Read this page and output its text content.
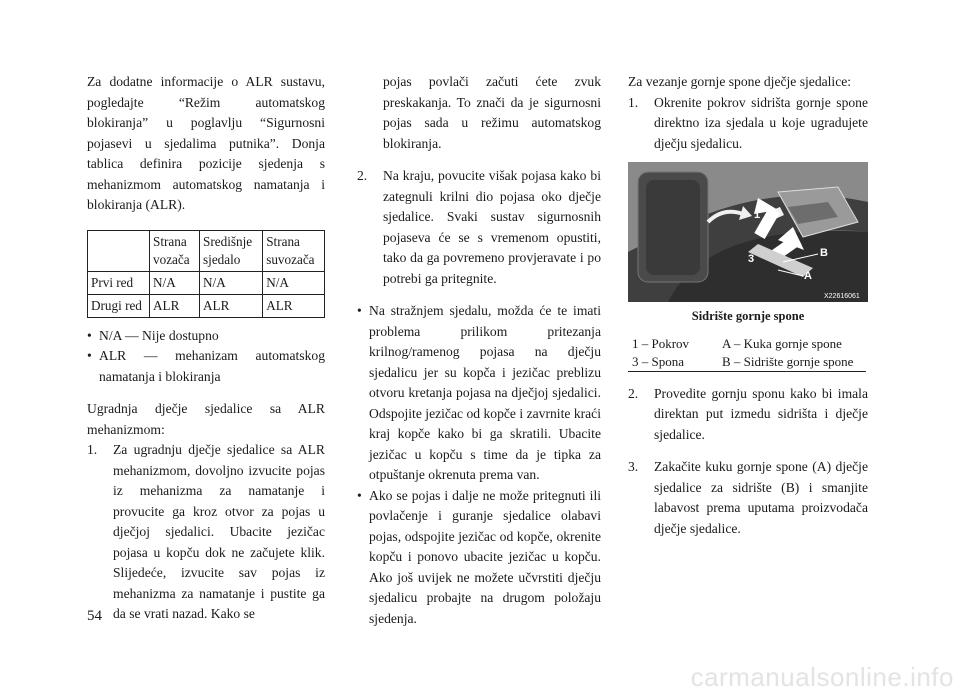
Za dodatne informacije o ALR sustavu, pogledajte “Režim automatskog blokiranja” u poglavlju “Sigurnosni pojasevi u sjedalima putnika”. Donja tablica definira pozicije sjedenja s mehanizmom automatskog namatanja i blokiranja (ALR).

	Strana vozača	Središnje sjedalo	Strana suvozača
Prvi red	N/A	N/A	N/A
Drugi red	ALR	ALR	ALR
• N/A — Nije dostupno
• ALR — mehanizam automatskog namatanja i blokiranja

Ugradnja dječje sjedalice sa ALR mehanizmom:

1.	Za ugradnju dječje sjedalice sa ALR mehanizmom, dovoljno izvucite pojas iz mehanizma za namatanje i provucite ga kroz otvor za pojas u dječjoj sjedalici. Ubacite jezičac pojasa u kopču dok ne začujete klik. Slijedeće, izvucite sav pojas iz mehanizma za namatanje i pustite ga da se vrati nazad. Kako se

pojas povlači začuti ćete zvuk preskakanja. To znači da je sigurnosni pojas sada u režimu automatskog blokiranja.

2.	Na kraju, povucite višak pojasa kako bi zategnuli krilni dio pojasa oko dječje sjedalice. Svaki sustav sigurnosnih pojaseva će se s vremenom opustiti, tako da ga povremeno provjeravate i po potrebi ga pritegnite.
• Na stražnjem sjedalu, možda će te imati problema prilikom pritezanja krilnog/ramenog pojasa na dječju sjedalicu jer su kopča i jezičac preblizu otvoru kretanja pojasa na dječjoj sjedalici. Odspojite jezičac od kopče i zavrnite kraći kraj kopče kako bi ga skratili. Ubacite jezičac u kopču s time da je tipka za otpuštanje okrenuta prema van.
• Ako se pojas i dalje ne može pritegnuti ili povlačenje i guranje sjedalice olabavi pojas, odspojite jezičac od kopče, okrenite kopču i ponovo ubacite jezičac u kopču. Ako još uvijek ne možete učvrstiti dječju sjedalicu probajte na drugom položaju sjedenja.

Za vezanje gornje spone dječje sjedalice:

1.	Okrenite pokrov sidrišta gornje spone direktno iza sjedala u koje ugradujete dječju sjedalicu.
1
3
A
B
X22616061
Sidrište gornje spone
1 – Pokrov	A – Kuka gornje spone
3 – Spona	B – Sidrište gornje spone
2.	Provedite gornju sponu kako bi imala direktan put izmedu sidrišta i dječje sjedalice.
3.	Zakačite kuku gornje spone (A) dječje sjedalice za sidrište (B) i smanjite labavost prema uputama proizvodača dječje sjedalice.
54
carmanualsonline.info
